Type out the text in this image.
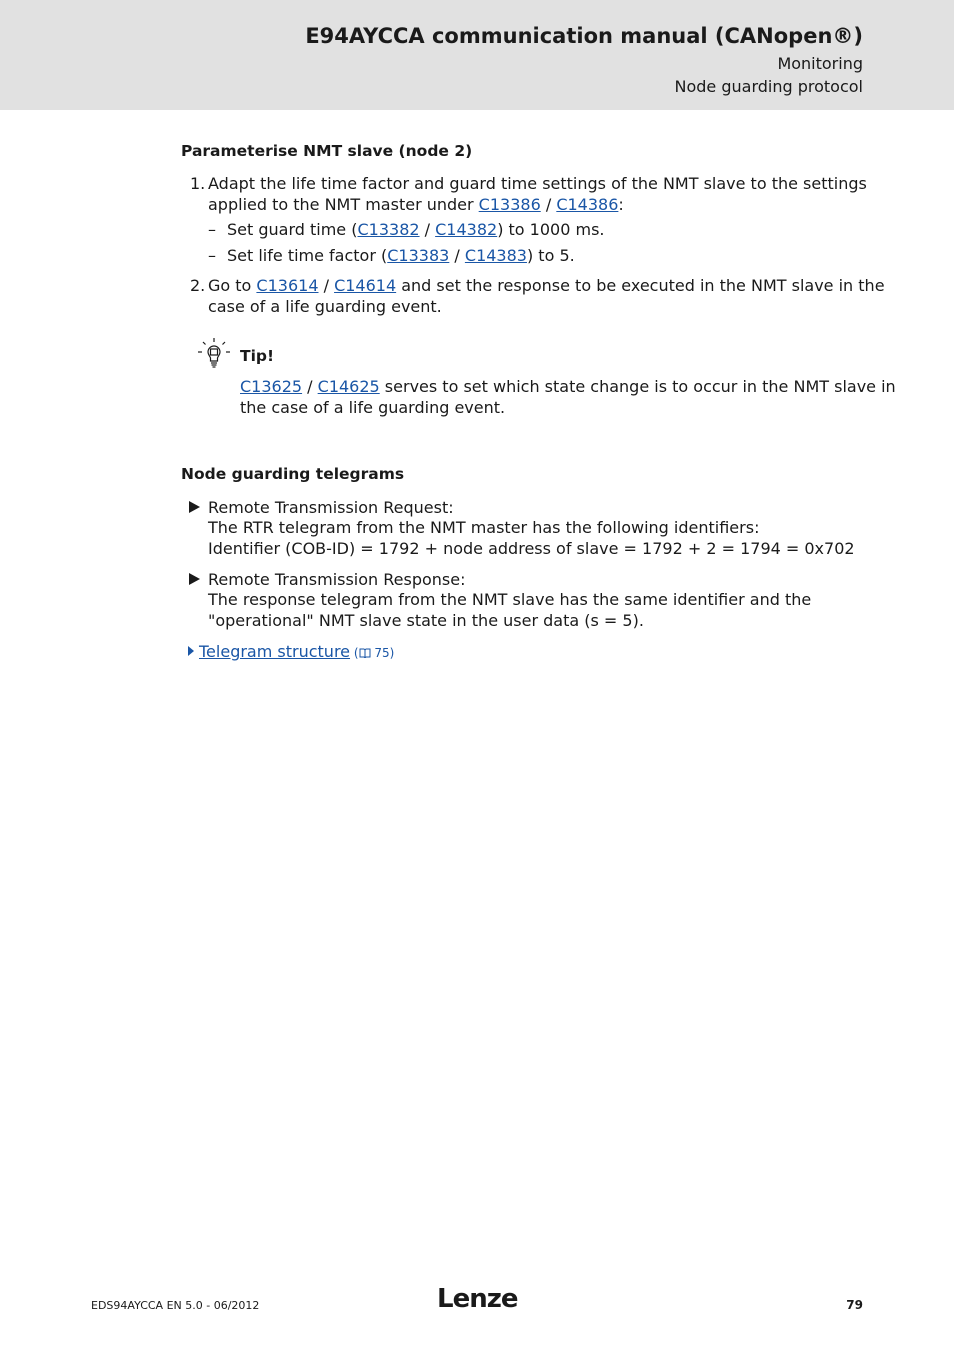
E94AYCCA communication manual (CANopen®)
Monitoring
Node guarding protocol
Parameterise NMT slave (node 2)
1. Adapt the life time factor and guard time settings of the NMT slave to the settings
applied to the NMT master under C13386 / C14386:
– Set guard time (C13382 / C14382) to 1000 ms.
– Set life time factor (C13383 / C14383) to 5.
2. Go to C13614 / C14614 and set the response to be executed in the NMT slave in the
case of a life guarding event.
Tip!
C13625 / C14625 serves to set which state change is to occur in the NMT slave in
the case of a life guarding event.
Node guarding telegrams
Remote Transmission Request:
The RTR telegram from the NMT master has the following identifiers:
Identifier (COB-ID) = 1792 + node address of slave = 1792 + 2 = 1794 = 0x702
Remote Transmission Response:
The response telegram from the NMT slave has the same identifier and the
"operational" NMT slave state in the user data (s = 5).
Telegram structure ( 75)
EDS94AYCCA EN 5.0 - 06/2012	Lenze	79
